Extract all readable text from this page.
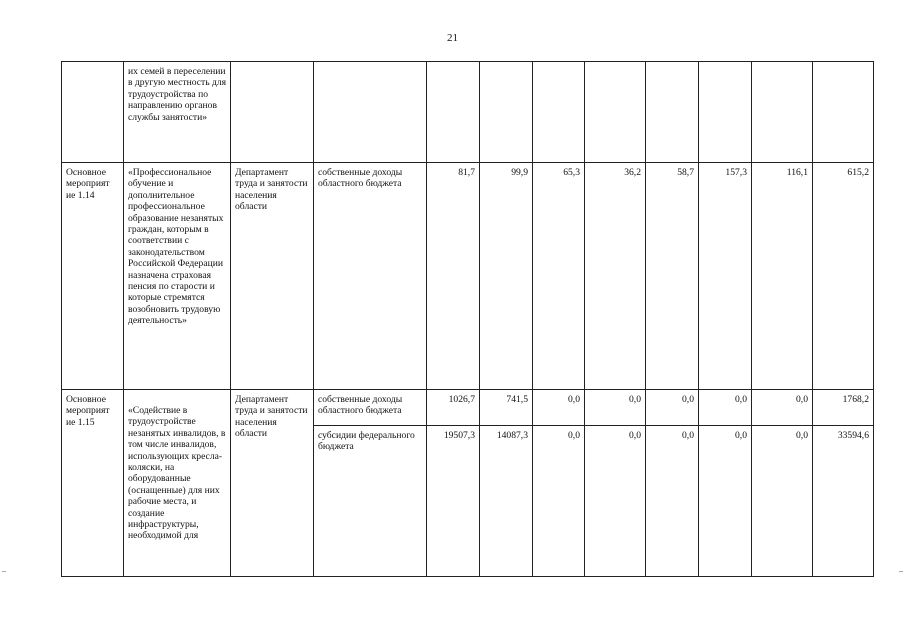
21
	их семей в переселении в другую местность для трудоустройства по направлению органов службы занятости»										
Основное мероприят ие 1.14	«Профессиональное обучение и дополнительное профессиональное образование незанятых граждан, которым в соответствии с законодательством Российской Федерации назначена страховая пенсия по старости и которые стремятся возобновить трудовую деятельность»	Департамент труда и занятости населения области	собственные доходы областного бюджета	81,7	99,9	65,3	36,2	58,7	157,3	116,1	615,2
Основное мероприят ие 1.15	«Содействие в трудоустройстве незанятых инвалидов, в том числе инвалидов, использующих кресла-коляски, на оборудованные (оснащенные) для них рабочие места, и создание инфраструктуры, необходимой для	Департамент труда и занятости населения области	собственные доходы областного бюджета	1026,7	741,5	0,0	0,0	0,0	0,0	0,0	1768,2
			субсидии федерального бюджета	19507,3	14087,3	0,0	0,0	0,0	0,0	0,0	33594,6
–	–
